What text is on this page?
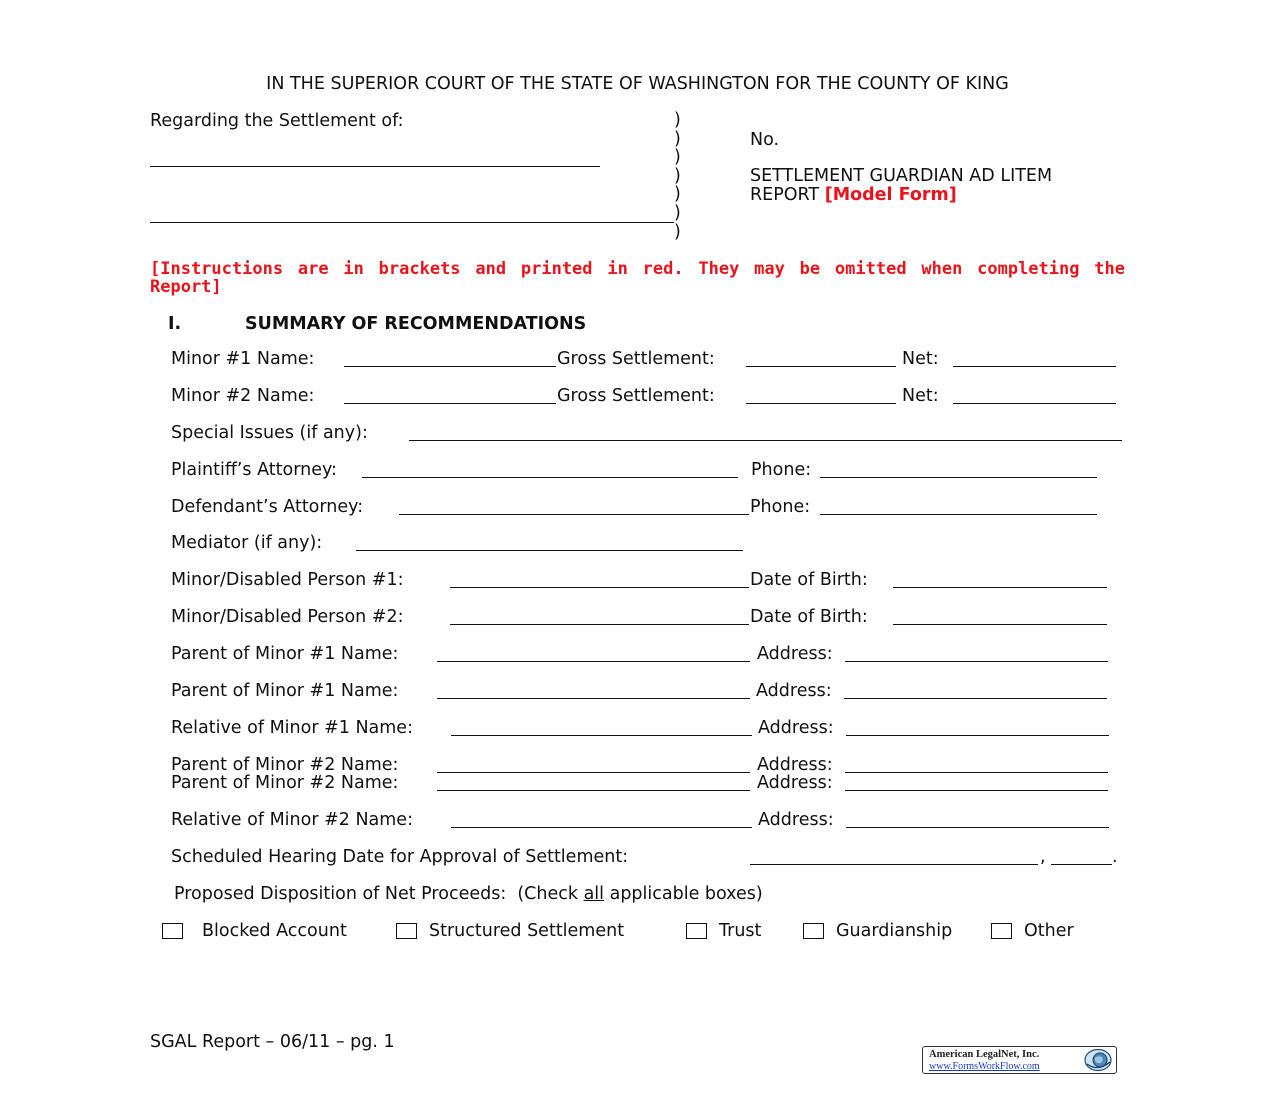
IN THE SUPERIOR COURT OF THE STATE OF WASHINGTON FOR THE COUNTY OF KING
Regarding the Settlement of:	)
)
)
)
)
)
)
No.
SETTLEMENT GUARDIAN AD LITEM
REPORT [Model Form]
[Instructions are in brackets and printed in red. They may be omitted when completing the Report]
I.	SUMMARY OF RECOMMENDATIONS
Minor #1 Name:	Gross Settlement:	Net:
Minor #2 Name:	Gross Settlement:	Net:
Special Issues (if any):
Plaintiff’s Attorney:	Phone:
Defendant’s Attorney:	Phone:
Mediator (if any):
Minor/Disabled Person #1:	Date of Birth:
Minor/Disabled Person #2:	Date of Birth:
Parent of Minor #1 Name:	Address:
Parent of Minor #1 Name:	Address:
Relative of Minor #1 Name:	Address:
Parent of Minor #2 Name:	Address:
Parent of Minor #2 Name:	Address:
Relative of Minor #2 Name:	Address:
Scheduled Hearing Date for Approval of Settlement:	,	.
Proposed Disposition of Net Proceeds:  (Check all applicable boxes)
Blocked Account	Structured Settlement	Trust	Guardianship	Other
SGAL Report – 06/11 – pg. 1
American LegalNet, Inc.
www.FormsWorkFlow.com
